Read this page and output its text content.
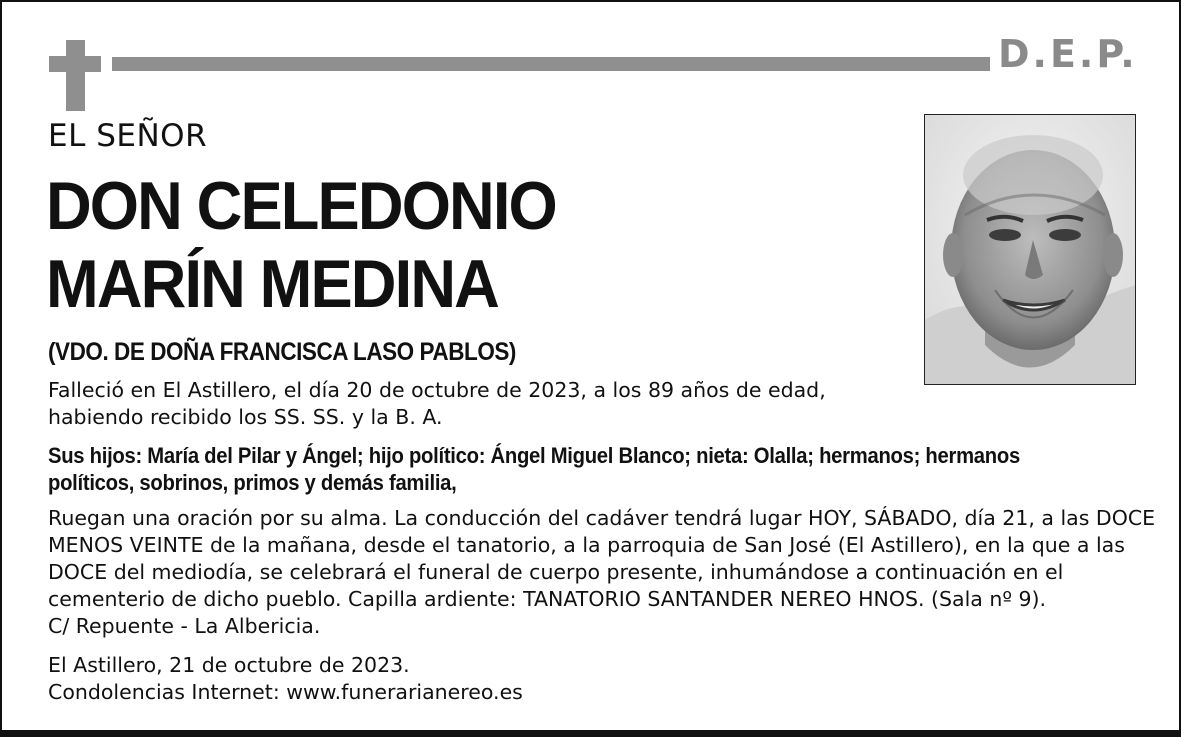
D.E.P.
EL SEÑOR
DON CELEDONIO
MARÍN MEDINA
(VDO. DE DOÑA FRANCISCA LASO PABLOS)
Falleció en El Astillero, el día 20 de octubre de 2023, a los 89 años de edad,
habiendo recibido los SS. SS. y la B. A.
Sus hijos: María del Pilar y Ángel; hijo político: Ángel Miguel Blanco; nieta: Olalla; hermanos; hermanos
políticos, sobrinos, primos y demás familia,
Ruegan una oración por su alma. La conducción del cadáver tendrá lugar HOY, SÁBADO, día 21, a las DOCE
MENOS VEINTE de la mañana, desde el tanatorio, a la parroquia de San José (El Astillero), en la que a las
DOCE del mediodía, se celebrará el funeral de cuerpo presente, inhumándose a continuación en el
cementerio de dicho pueblo. Capilla ardiente: TANATORIO SANTANDER NEREO HNOS. (Sala nº 9).
C/ Repuente - La Albericia.
El Astillero, 21 de octubre de 2023.
Condolencias Internet: www.funerarianereo.es
